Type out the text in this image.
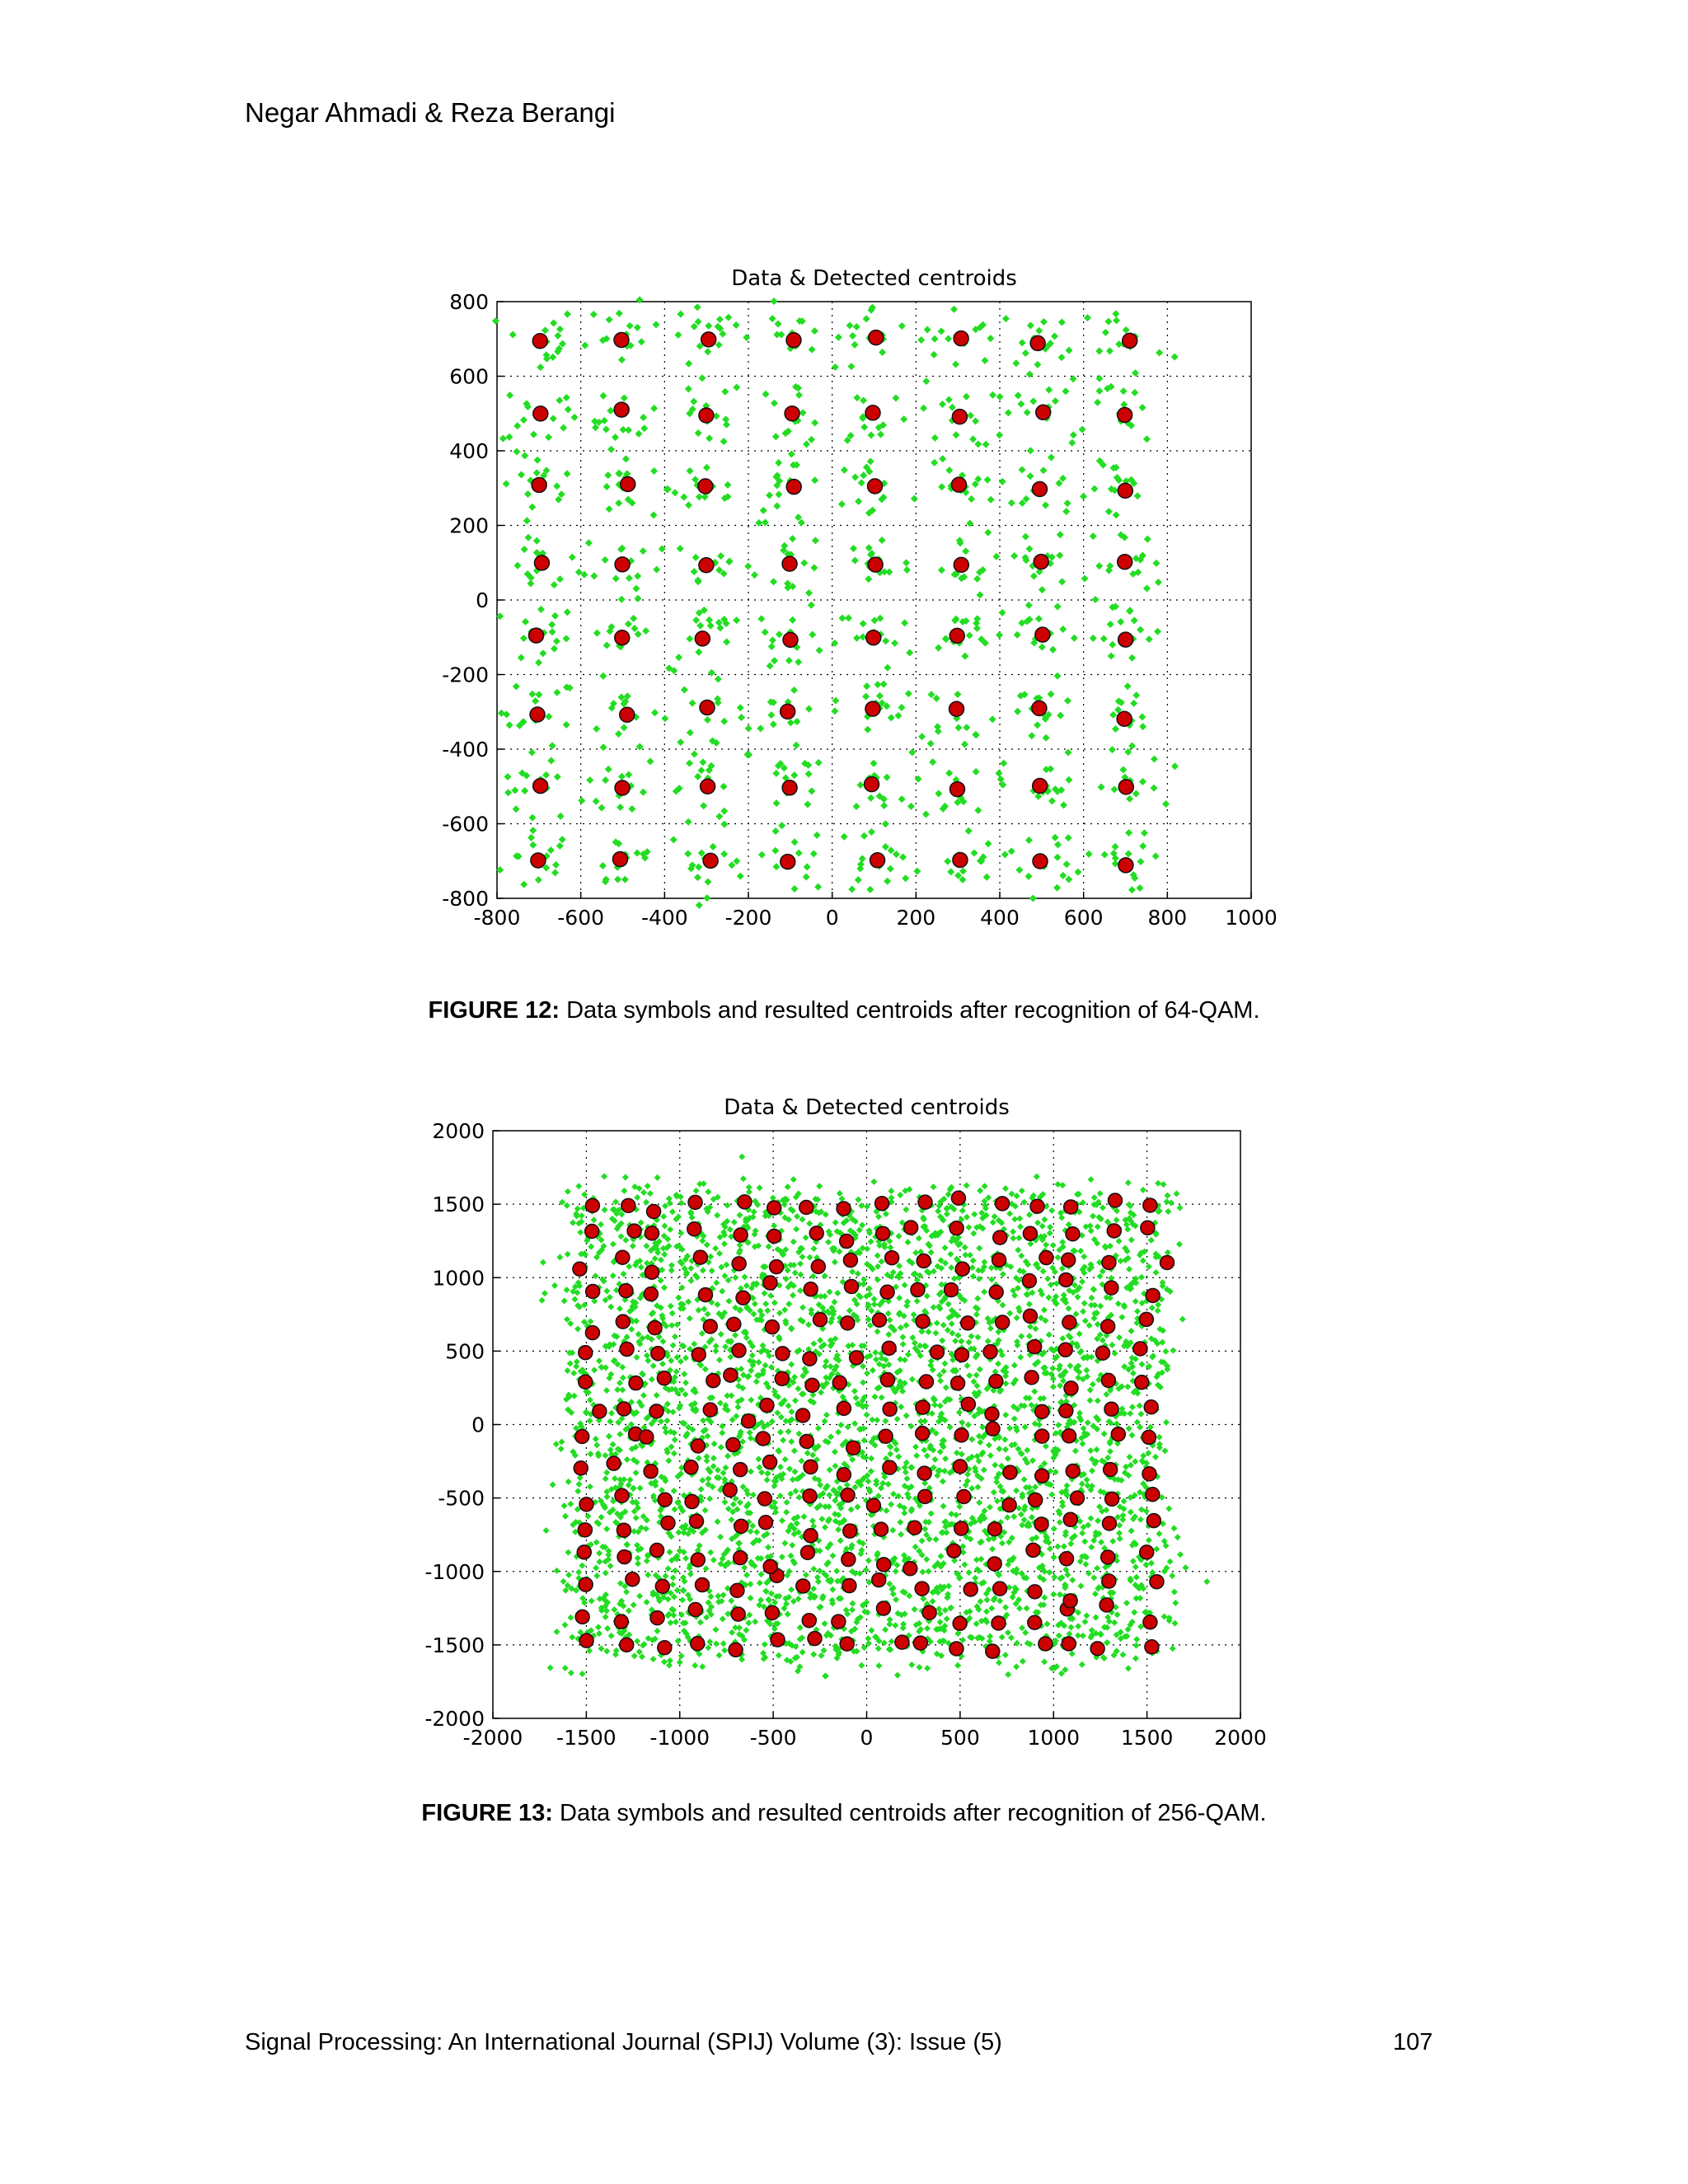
Negar Ahmadi & Reza Berangi
Data & Detected centroids
-800 -600 -400 -200	0	200 400 600 800 1000
-800
-600
-400
-200
0
200
400
600
800
FIGURE 12: Data symbols and resulted centroids after recognition of 64-QAM.
Data & Detected centroids
-2000 -1500 -1000 -500	0	500 1000 1500 2000
-2000
-1500
-1000
-500
0
500
1000
1500
2000
FIGURE 13: Data symbols and resulted centroids after recognition of 256-QAM.
Signal Processing: An International Journal (SPIJ) Volume (3): Issue (5)	107
